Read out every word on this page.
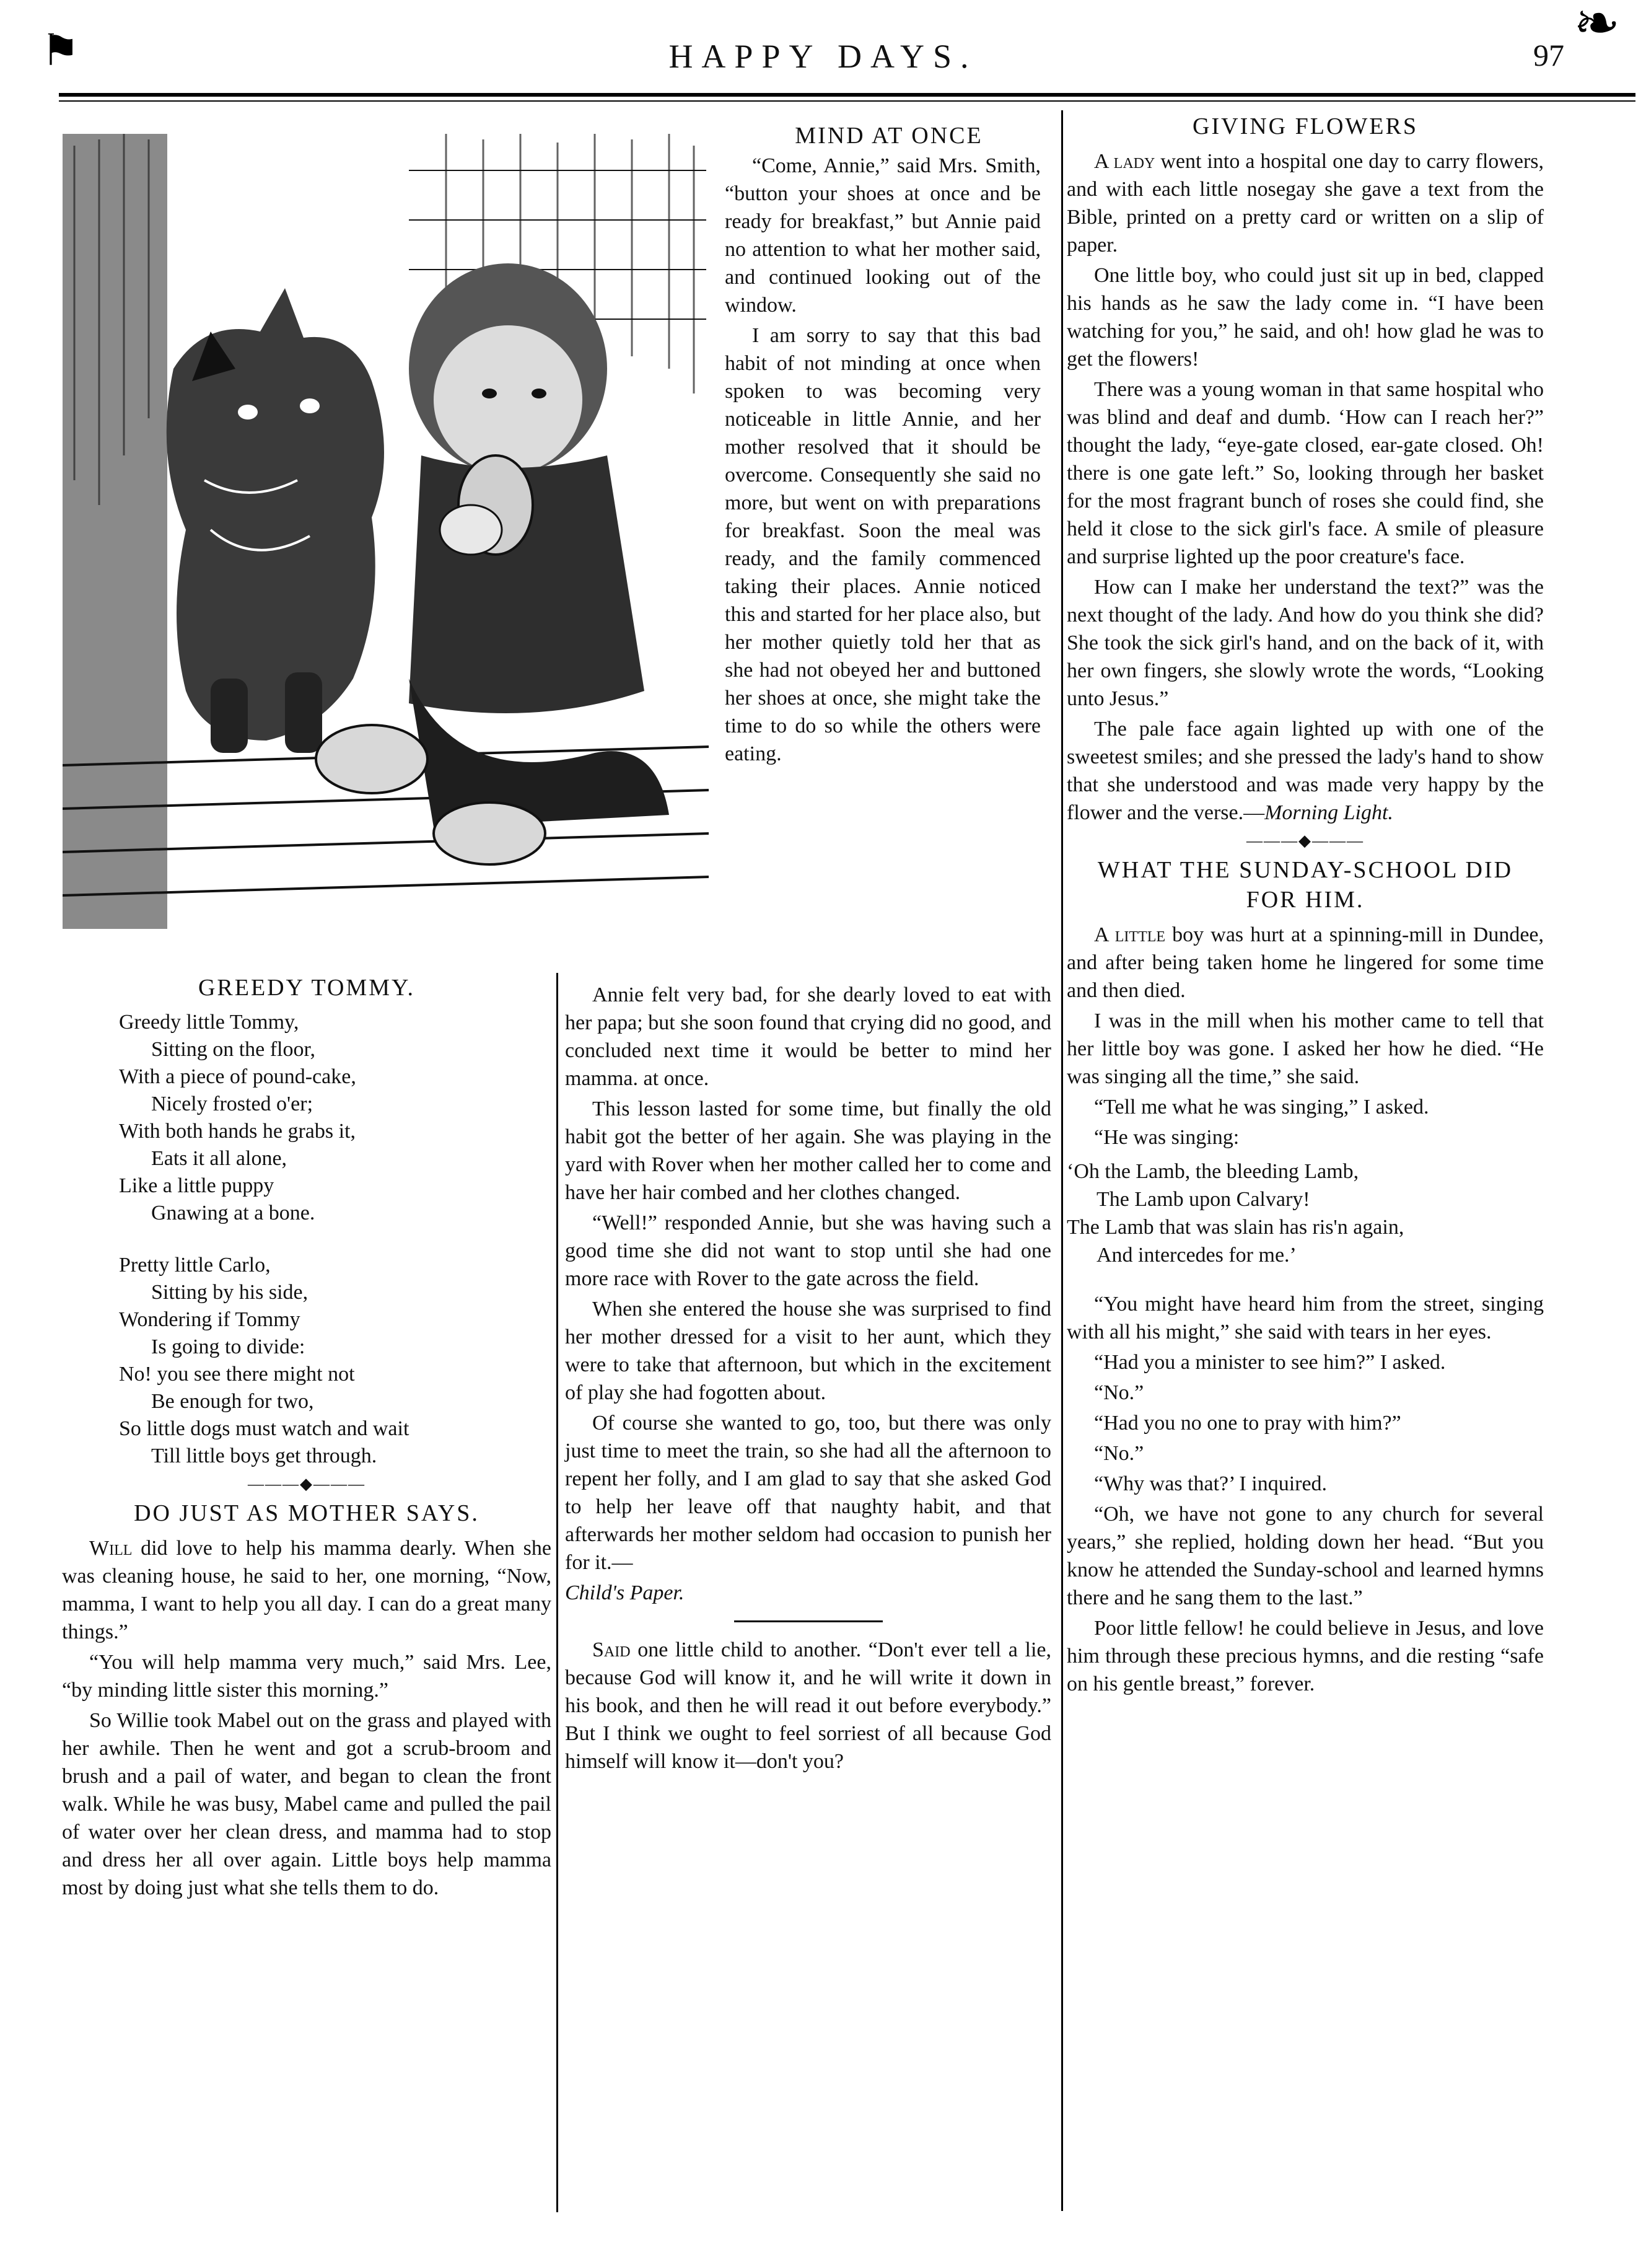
⚑	HAPPY DAYS.	97
❧
MIND AT ONCE

“Come, Annie,” said Mrs. Smith, “button your shoes at once and be ready for breakfast,” but Annie paid no attention to what her mother said, and continued looking out of the window.

I am sorry to say that this bad habit of not minding at once when spoken to was becoming very noticeable in little Annie, and her mother resolved that it should be overcome. Consequently she said no more, but went on with preparations for breakfast. Soon the meal was ready, and the family commenced taking their places. Annie noticed this and started for her place also, but her mother quietly told her that as she had not obeyed her and buttoned her shoes at once, she might take the time to do so while the others were eating.

Annie felt very bad, for she dearly loved to eat with her papa; but she soon found that crying did no good, and concluded next time it would be better to mind her mamma. at once.

This lesson lasted for some time, but finally the old habit got the better of her again. She was playing in the yard with Rover when her mother called her to come and have her hair combed and her clothes changed.

“Well!” responded Annie, but she was having such a good time she did not want to stop until she had one more race with Rover to the gate across the field.

When she entered the house she was surprised to find her mother dressed for a visit to her aunt, which they were to take that afternoon, but which in the excitement of play she had fogotten about.

Of course she wanted to go, too, but there was only just time to meet the train, so she had all the afternoon to repent her folly, and I am glad to say that she asked God to help her leave off that naughty habit, and that afterwards her mother seldom had occasion to punish her for it.—

Child's Paper.

Said one little child to another. “Don't ever tell a lie, because God will know it, and he will write it down in his book, and then he will read it out before everybody.” But I think we ought to feel sorriest of all because God himself will know it—don't you?

GREEDY TOMMY.
Greedy little Tommy,
Sitting on the floor,
With a piece of pound-cake,
Nicely frosted o'er;
With both hands he grabs it,
Eats it all alone,
Like a little puppy
Gnawing at a bone.
Pretty little Carlo,
Sitting by his side,
Wondering if Tommy
Is going to divide:
No! you see there might not
Be enough for two,
So little dogs must watch and wait
Till little boys get through.
———◆———
DO JUST AS MOTHER SAYS.

Will did love to help his mamma dearly. When she was cleaning house, he said to her, one morning, “Now, mamma, I want to help you all day. I can do a great many things.”

“You will help mamma very much,” said Mrs. Lee, “by minding little sister this morning.”

So Willie took Mabel out on the grass and played with her awhile. Then he went and got a scrub-broom and brush and a pail of water, and began to clean the front walk. While he was busy, Mabel came and pulled the pail of water over her clean dress, and mamma had to stop and dress her all over again. Little boys help mamma most by doing just what she tells them to do.

GIVING FLOWERS

A lady went into a hospital one day to carry flowers, and with each little nosegay she gave a text from the Bible, printed on a pretty card or written on a slip of paper.

One little boy, who could just sit up in bed, clapped his hands as he saw the lady come in. “I have been watching for you,” he said, and oh! how glad he was to get the flowers!

There was a young woman in that same hospital who was blind and deaf and dumb. ‘How can I reach her?” thought the lady, “eye-gate closed, ear-gate closed. Oh! there is one gate left.” So, looking through her basket for the most fragrant bunch of roses she could find, she held it close to the sick girl's face. A smile of pleasure and surprise lighted up the poor creature's face.

How can I make her understand the text?” was the next thought of the lady. And how do you think she did? She took the sick girl's hand, and on the back of it, with her own fingers, she slowly wrote the words, “Looking unto Jesus.”

The pale face again lighted up with one of the sweetest smiles; and she pressed the lady's hand to show that she understood and was made very happy by the flower and the verse.—Morning Light.

———◆———
WHAT THE SUNDAY-SCHOOL DID
FOR HIM.

A little boy was hurt at a spinning-mill in Dundee, and after being taken home he lingered for some time and then died.

I was in the mill when his mother came to tell that her little boy was gone. I asked her how he died. “He was singing all the time,” she said.

“Tell me what he was singing,” I asked.

“He was singing:

‘Oh the Lamb, the bleeding Lamb,
The Lamb upon Calvary!
The Lamb that was slain has ris'n again,
And intercedes for me.’

“You might have heard him from the street, singing with all his might,” she said with tears in her eyes.

“Had you a minister to see him?” I asked.

“No.”

“Had you no one to pray with him?”

“No.”

“Why was that?’ I inquired.

“Oh, we have not gone to any church for several years,” she replied, holding down her head. “But you know he attended the Sunday-school and learned hymns there and he sang them to the last.”

Poor little fellow! he could believe in Jesus, and love him through these precious hymns, and die resting “safe on his gentle breast,” forever.
